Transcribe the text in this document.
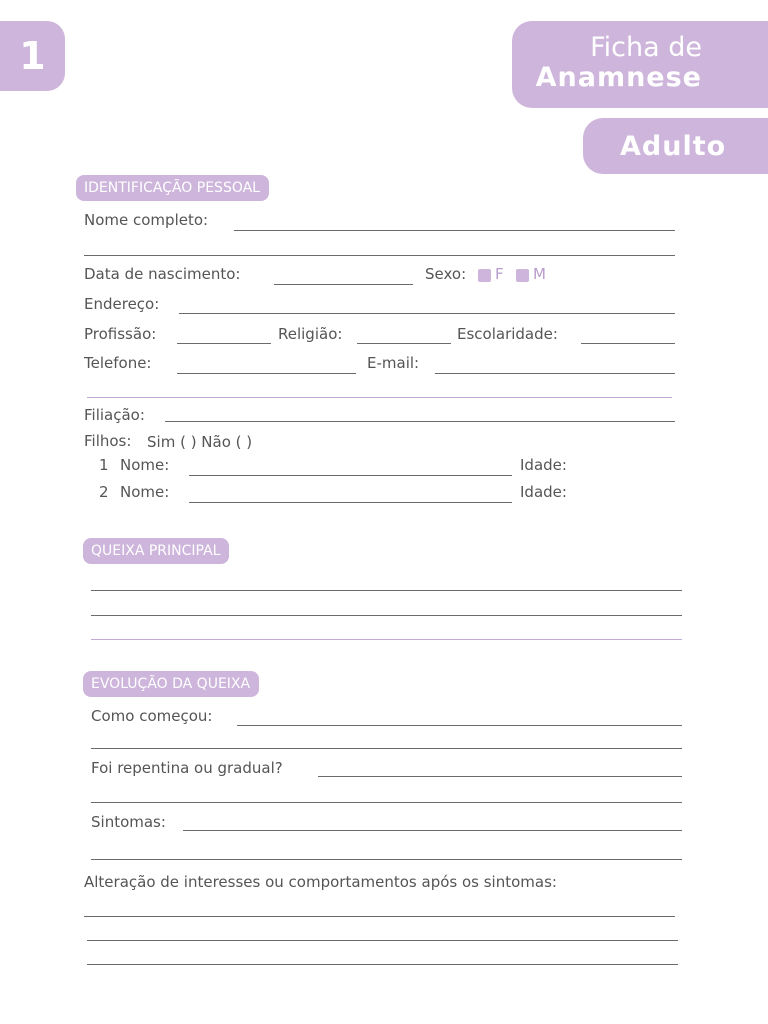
1	Ficha de
Anamnese
Adulto
IDENTIFICAÇÃO PESSOAL
Nome completo:
Data de nascimento:	Sexo: F M
Endereço:
Profissão:	Religião:	Escolaridade:
Telefone:	E-mail:
Filiação:
Filhos: Sim ( ) Não ( )
1 Nome:	Idade:
2 Nome:	Idade:
QUEIXA PRINCIPAL
EVOLUÇÃO DA QUEIXA
Como começou:
Foi repentina ou gradual?
Sintomas:
Alteração de interesses ou comportamentos após os sintomas:
